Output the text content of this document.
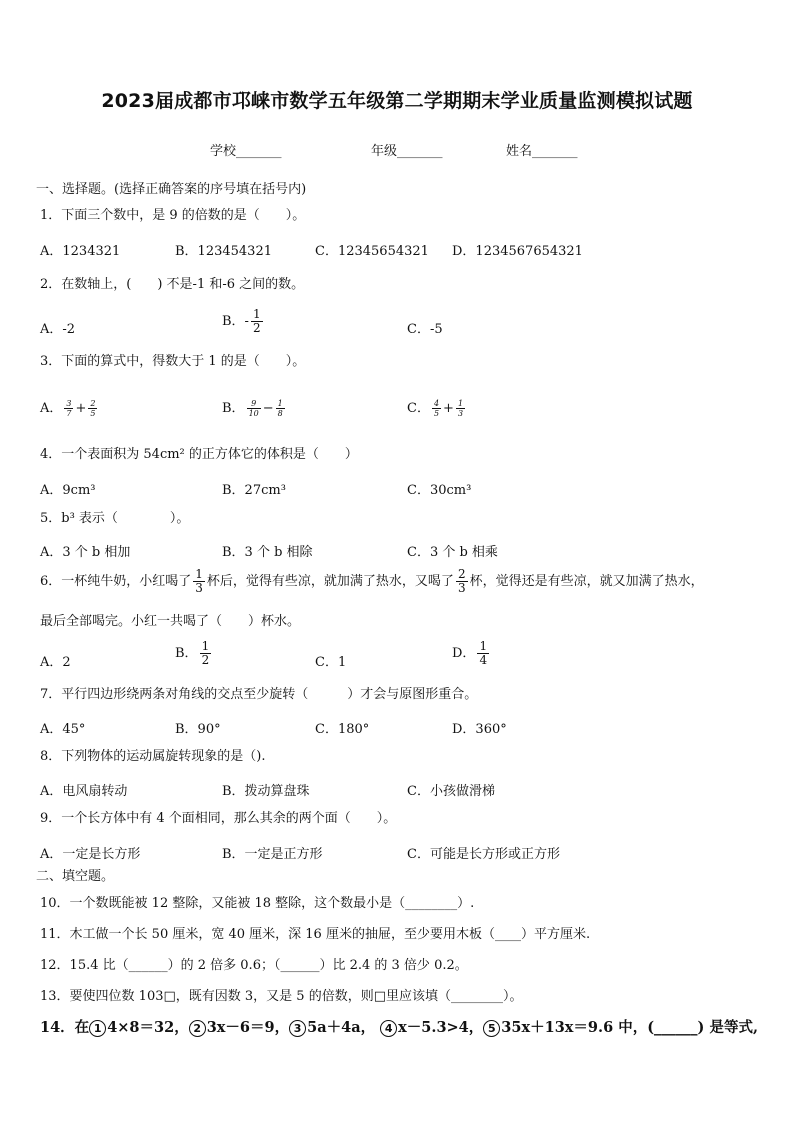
2023届成都市邛崃市数学五年级第二学期期末学业质量监测模拟试题
学校_______	年级_______	姓名_______
一、选择题。(选择正确答案的序号填在括号内)
1．下面三个数中，是 9 的倍数的是（　　）。
A．1234321	B．123454321	C．12345654321 D．1234567654321
2．在数轴上，(　　) 不是-1 和-6 之间的数。
A．-2
B．- $\frac{1}{2}$	C．-5
3．下面的算式中，得数大于 1 的是（　　）。
A． $\frac{3}{7} + \frac{2}{5}$	B． $\frac{9}{10} - \frac{1}{8}$	C． $\frac{4}{5} + \frac{1}{3}$
4．一个表面积为 54cm² 的正方体它的体积是（　　）
A．9cm³	B．27cm³	C．30cm³
5．b³ 表示（　　　　）。
A．3 个 b 相加	B．3 个 b 相除	C．3 个 b 相乘
6．一杯纯牛奶，小红喝了 $\frac{1}{3}$ 杯后，觉得有些凉，就加满了热水，又喝了 $\frac{2}{3}$ 杯，觉得还是有些凉，就又加满了热水，
最后全部喝完。小红一共喝了（　　）杯水。
A．2
B． $\frac{1}{2}$	C．1
D． $\frac{1}{4}$
7．平行四边形绕两条对角线的交点至少旋转（　　　）才会与原图形重合。
A．45°	B．90°	C．180°	D．360°
8．下列物体的运动属旋转现象的是（).
A．电风扇转动	B．拨动算盘珠	C．小孩做滑梯
9．一个长方体中有 4 个面相同，那么其余的两个面（　　）。
A．一定是长方形	B．一定是正方形	C．可能是长方形或正方形
二、填空题。
10．一个数既能被 12 整除，又能被 18 整除，这个数最小是（________）.
11．木工做一个长 50 厘米，宽 40 厘米，深 16 厘米的抽屉，至少要用木板（____）平方厘米.
12．15.4 比（______）的 2 倍多 0.6；（______）比 2.4 的 3 倍少 0.2。
13．要使四位数 103□，既有因数 3，又是 5 的倍数，则□里应该填（________）。
14．在 1 4×8＝32， 2 3x－6＝9， 3 5a＋4a， 4 x－5.3>4， 5 35x＋13x＝9.6 中，(______) 是等式,
